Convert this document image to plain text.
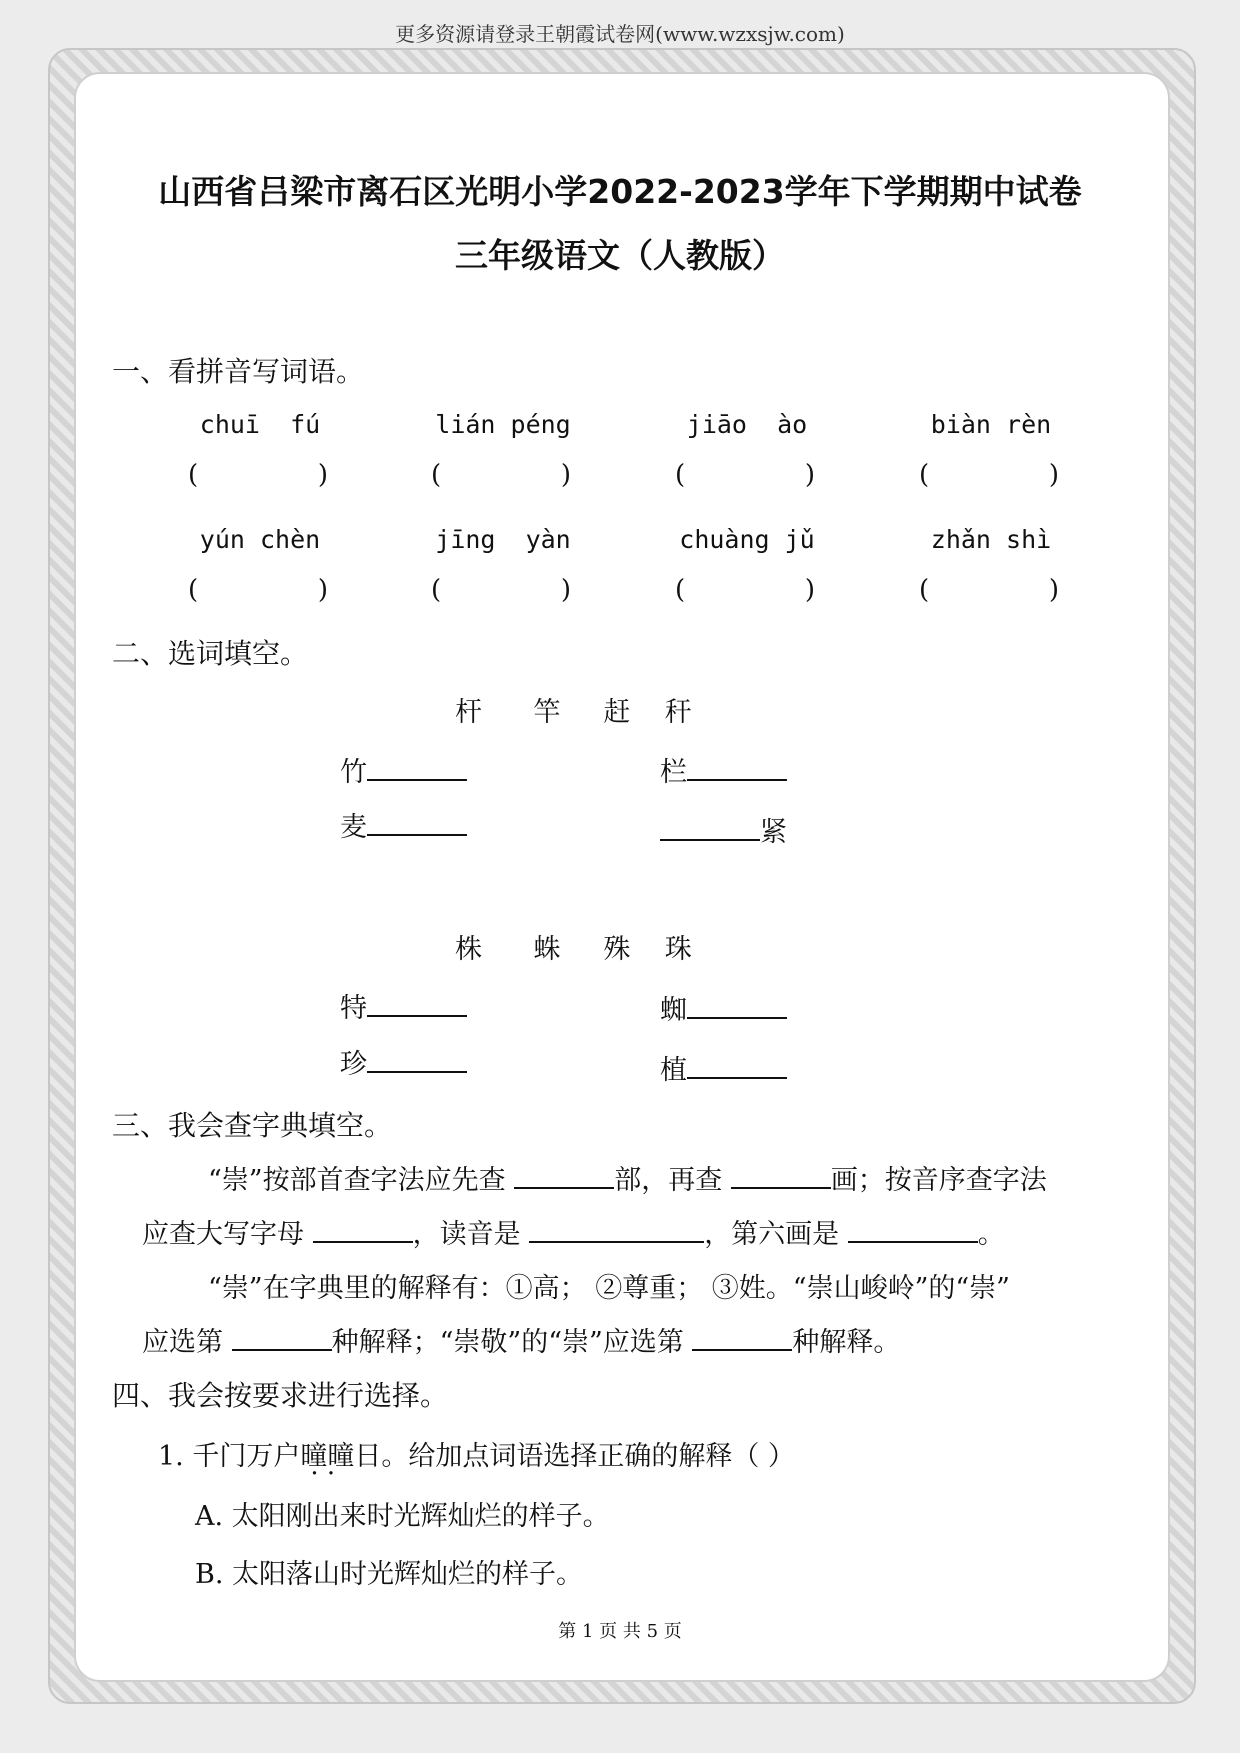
更多资源请登录王朝霞试卷网(www.wzxsjw.com)
山西省吕梁市离石区光明小学2022-2023学年下学期期中试卷
三年级语文（人教版）
一、看拼音写词语。
chuī  fú	lián péng	jiāo  ào	biàn rèn
(	)	(	)	(	)	(	)
yún chèn	jīng  yàn	chuàng jǔ	zhǎn shì
(	)	(	)	(	)	(	)
二、选词填空。
杆      竿     赶    秆
竹	栏
麦	紧
株      蛛     殊    珠
特	蜘
珍	植
三、我会查字典填空。
“崇”按部首查字法应先查	部，再查	画；按音序查字法
应查大写字母	，读音是	，第六画是	。
“崇”在字典里的解释有：①高； ②尊重； ③姓。“崇山峻岭”的“崇”
应选第	种解释；“崇敬”的“崇”应选第	种解释。
四、我会按要求进行选择。
1. 千门万户曈曈 · ·日。给加点词语选择正确的解释（ ）
A. 太阳刚出来时光辉灿烂的样子。
B. 太阳落山时光辉灿烂的样子。
第 1 页 共 5 页
